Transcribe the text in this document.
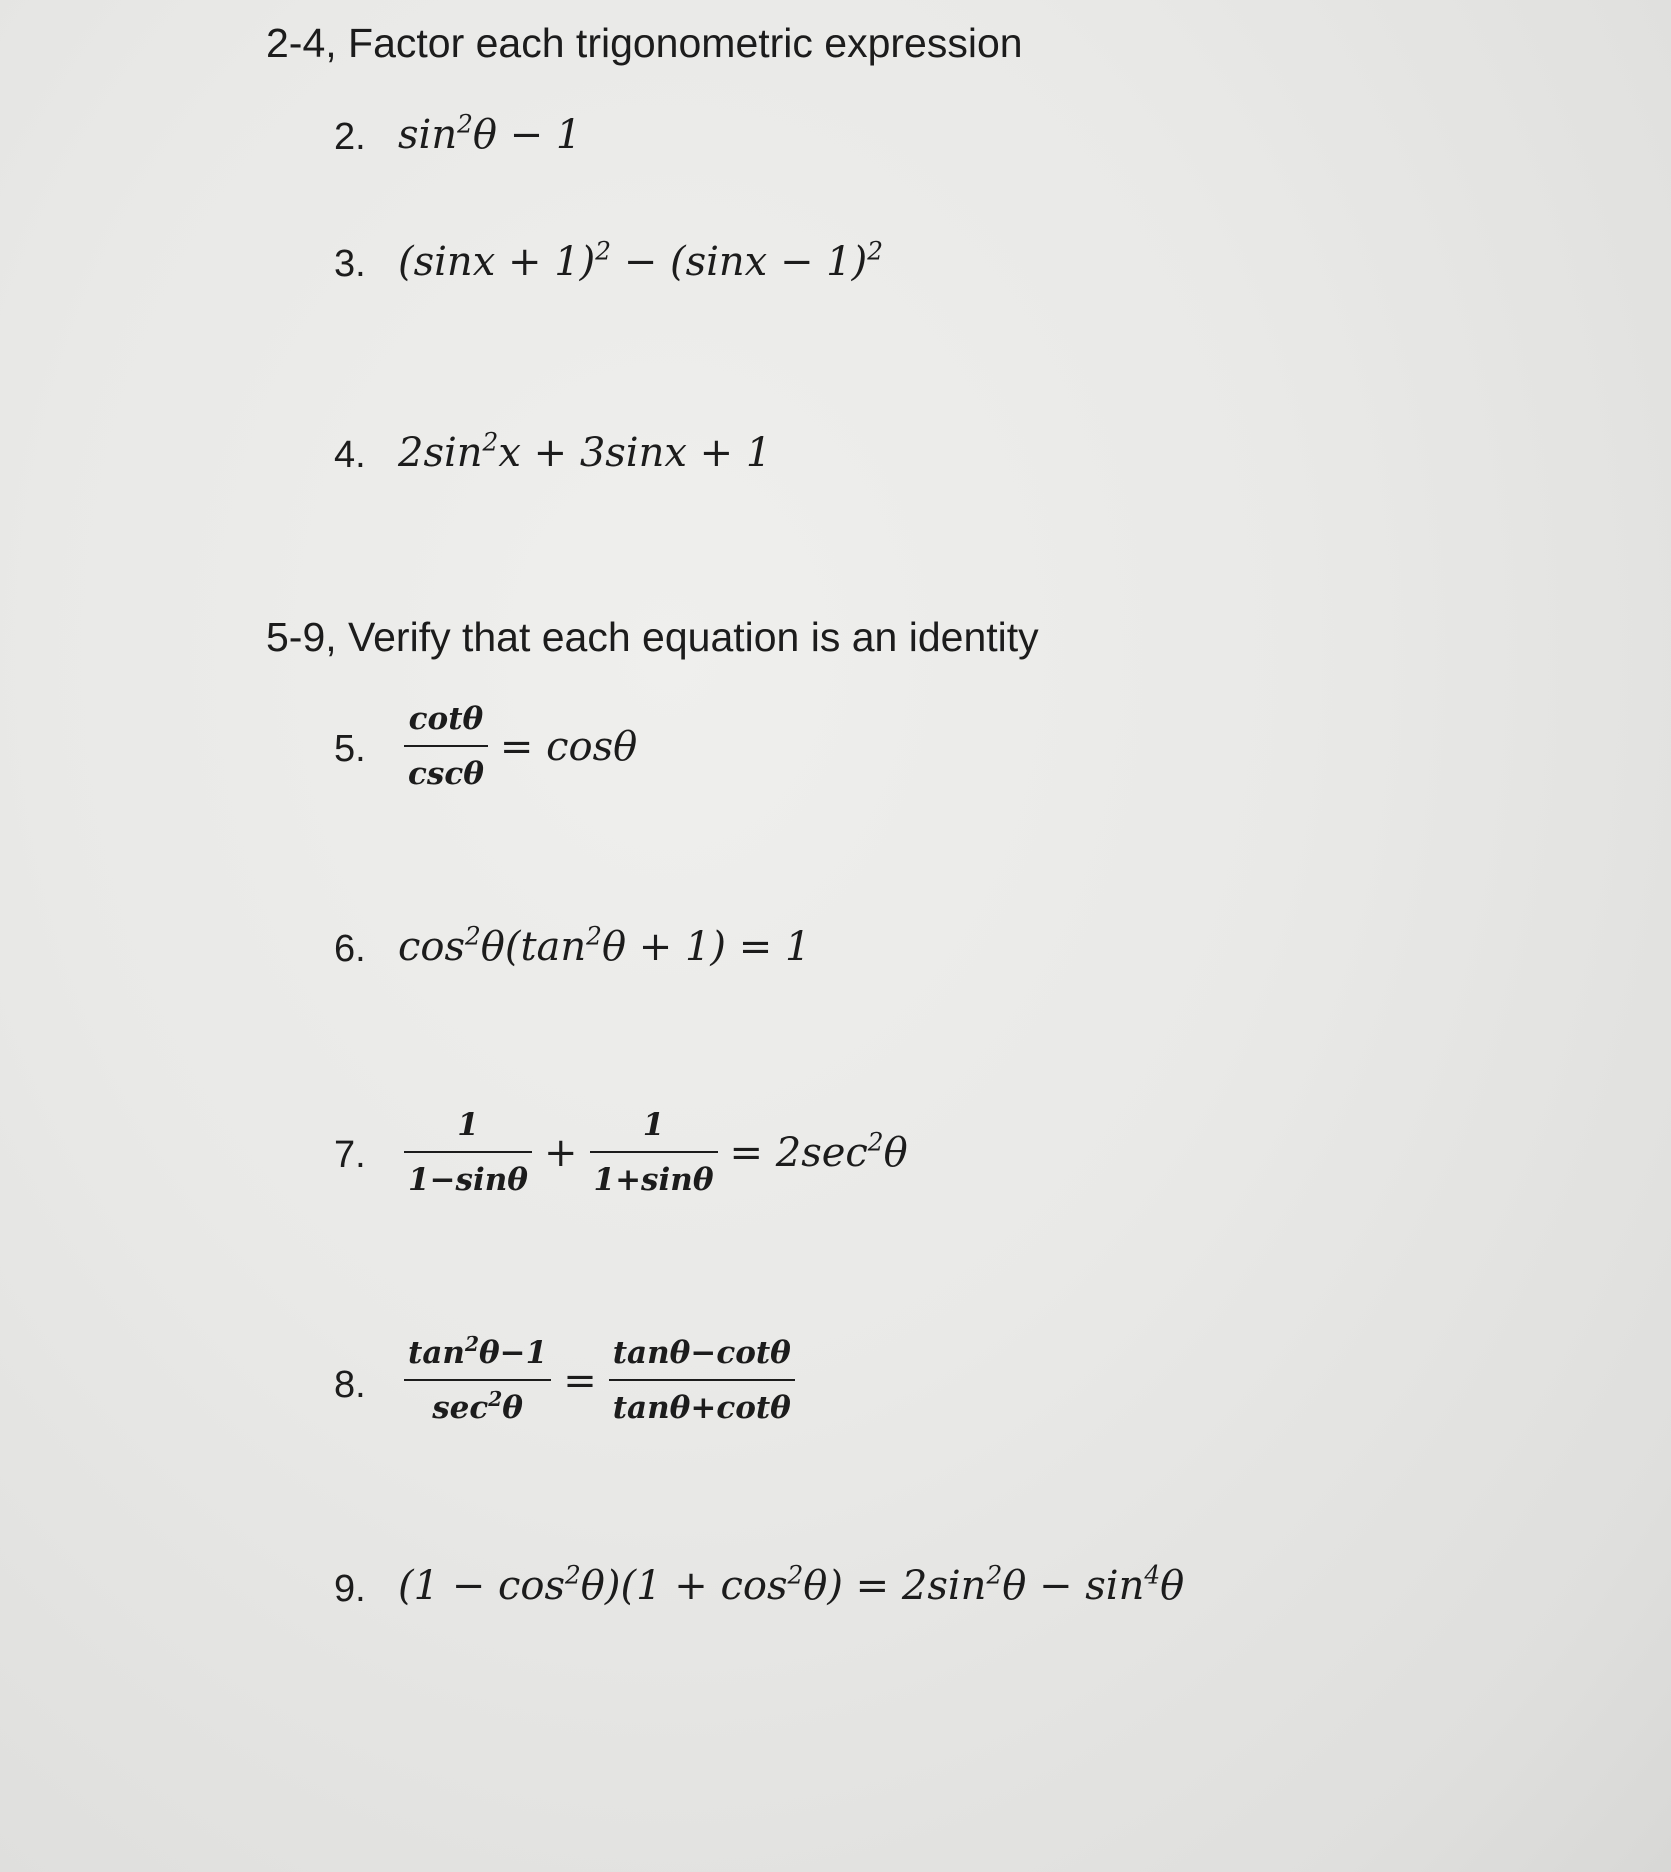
2-4, Factor each trigonometric expression
2. $\sin^2\theta - 1$
3. $(\sin x + 1)^2 - (\sin x - 1)^2$
4. $2\sin^2x + 3\sin x + 1$
5-9, Verify that each equation is an identity
5. $\frac{\cot\theta}{\csc\theta} = \cos\theta$
6. $\cos^2\theta(\tan^2\theta + 1) = 1$
7. $\frac{1}{1-\sin\theta} + \frac{1}{1+\sin\theta} = 2\sec^2\theta$
8. $\frac{\tan^2\theta-1}{\sec^2\theta} = \frac{\tan\theta-\cot\theta}{\tan\theta+\cot\theta}$
9. $(1 - \cos^2\theta)(1 + \cos^2\theta) = 2\sin^2\theta - \sin^4\theta$
